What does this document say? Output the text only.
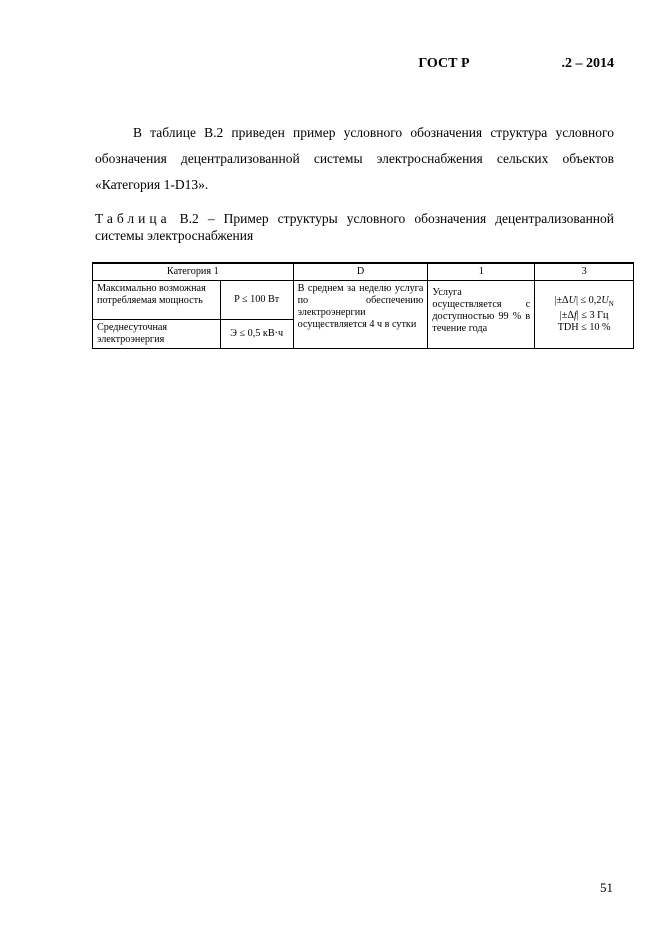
ГОСТ Р	.2 – 2014
В таблице В.2 приведен пример условного обозначения структура условного обозначения децентрализованной системы электроснабжения сельских объектов «Категория 1-D13».
Таблица В.2 – Пример структуры условного обозначения децентрализованной системы электроснабжения
Категория 1		D	1	3
Максимально возможная потребляемая мощность	P ≤ 100 Вт	В среднем за неделю услуга по обеспечению электроэнергии осуществляется 4 ч в сутки	Услуга осуществляется с доступностью 99 % в течение года	$|\pm\Delta U| \le 0,2U_N$
|±Δf| ≤ 3 Гц
TDH ≤ 10 %

Среднесуточная электроэнергия	Э ≤ 0,5 кВ·ч			
51
